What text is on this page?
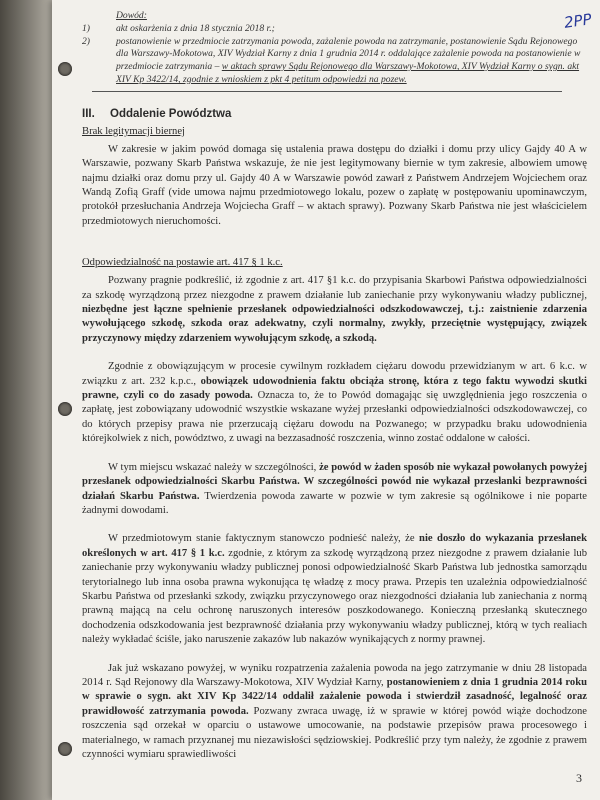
2PP
Dowód:
1)	akt oskarżenia z dnia 18 stycznia 2018 r.;
2)	postanowienie w przedmiocie zatrzymania powoda, zażalenie powoda na zatrzymanie, postanowienie Sądu Rejonowego dla Warszawy-Mokotowa, XIV Wydział Karny z dnia 1 grudnia 2014 r. oddalające zażalenie powoda na postanowienie w przedmiocie zatrzymania – w aktach sprawy Sądu Rejonowego dla Warszawy-Mokotowa, XIV Wydział Karny o sygn. akt XIV Kp 3422/14, zgodnie z wnioskiem z pkt 4 petitum odpowiedzi na pozew.
III. Oddalenie Powództwa
Brak legitymacji biernej

W zakresie w jakim powód domaga się ustalenia prawa dostępu do działki i domu przy ulicy Gajdy 40 A w Warszawie, pozwany Skarb Państwa wskazuje, że nie jest legitymowany biernie w tym zakresie, albowiem umowę najmu działki oraz domu przy ul. Gajdy 40 A w Warszawie powód zawarł z Państwem Andrzejem Wojciechem oraz Wandą Zofią Graff (vide umowa najmu przedmiotowego lokalu, pozew o zapłatę w postępowaniu upominawczym, protokół przesłuchania Andrzeja Wojciecha Graff – w aktach sprawy). Pozwany Skarb Państwa nie jest właścicielem przedmiotowych nieruchomości.

Odpowiedzialność na postawie art. 417 § 1 k.c.

Pozwany pragnie podkreślić, iż zgodnie z art. 417 §1 k.c. do przypisania Skarbowi Państwa odpowiedzialności za szkodę wyrządzoną przez niezgodne z prawem działanie lub zaniechanie przy wykonywaniu władzy publicznej, niezbędne jest łączne spełnienie przesłanek odpowiedzialności odszkodowawczej, t.j.: zaistnienie zdarzenia wywołującego szkodę, szkoda oraz adekwatny, czyli normalny, zwykły, przeciętnie występujący, związek przyczynowy między zdarzeniem wywołującym szkodę, a szkodą.

Zgodnie z obowiązującym w procesie cywilnym rozkładem ciężaru dowodu przewidzianym w art. 6 k.c. w związku z art. 232 k.p.c., obowiązek udowodnienia faktu obciąża stronę, która z tego faktu wywodzi skutki prawne, czyli co do zasady powoda. Oznacza to, że to Powód domagając się uwzględnienia jego roszczenia o zapłatę, jest zobowiązany udowodnić wszystkie wskazane wyżej przesłanki odpowiedzialności odszkodowawczej, co do których przepisy prawa nie przerzucają ciężaru dowodu na Pozwanego; w przypadku braku udowodnienia którejkolwiek z nich, powództwo, z uwagi na bezzasadność roszczenia, winno zostać oddalone w całości.

W tym miejscu wskazać należy w szczególności, że powód w żaden sposób nie wykazał powołanych powyżej przesłanek odpowiedzialności Skarbu Państwa. W szczególności powód nie wykazał przesłanki bezprawności działań Skarbu Państwa. Twierdzenia powoda zawarte w pozwie w tym zakresie są ogólnikowe i nie poparte żadnymi dowodami.

W przedmiotowym stanie faktycznym stanowczo podnieść należy, że nie doszło do wykazania przesłanek określonych w art. 417 § 1 k.c. zgodnie, z którym za szkodę wyrządzoną przez niezgodne z prawem działanie lub zaniechanie przy wykonywaniu władzy publicznej ponosi odpowiedzialność Skarb Państwa lub jednostka samorządu terytorialnego lub inna osoba prawna wykonująca tę władzę z mocy prawa. Przepis ten uzależnia odpowiedzialność Skarbu Państwa od przesłanki szkody, związku przyczynowego oraz niezgodności działania lub zaniechania z normą prawną mającą na celu ochronę naruszonych interesów poszkodowanego. Konieczną przesłanką skutecznego dochodzenia odszkodowania jest bezprawność działania przy wykonywaniu władzy publicznej, którą w tych realiach należy wykładać ściśle, jako naruszenie zakazów lub nakazów wynikających z normy prawnej.

Jak już wskazano powyżej, w wyniku rozpatrzenia zażalenia powoda na jego zatrzymanie w dniu 28 listopada 2014 r. Sąd Rejonowy dla Warszawy-Mokotowa, XIV Wydział Karny, postanowieniem z dnia 1 grudnia 2014 roku w sprawie o sygn. akt XIV Kp 3422/14 oddalił zażalenie powoda i stwierdził zasadność, legalność oraz prawidłowość zatrzymania powoda. Pozwany zwraca uwagę, iż w sprawie w której powód wiąże dochodzone roszczenia sąd orzekał w oparciu o ustawowe umocowanie, na podstawie przepisów prawa procesowego i materialnego, w ramach przyznanej mu niezawisłości sędziowskiej. Podkreślić przy tym należy, że zgodnie z prawem czynności wymiaru sprawiedliwości

3
